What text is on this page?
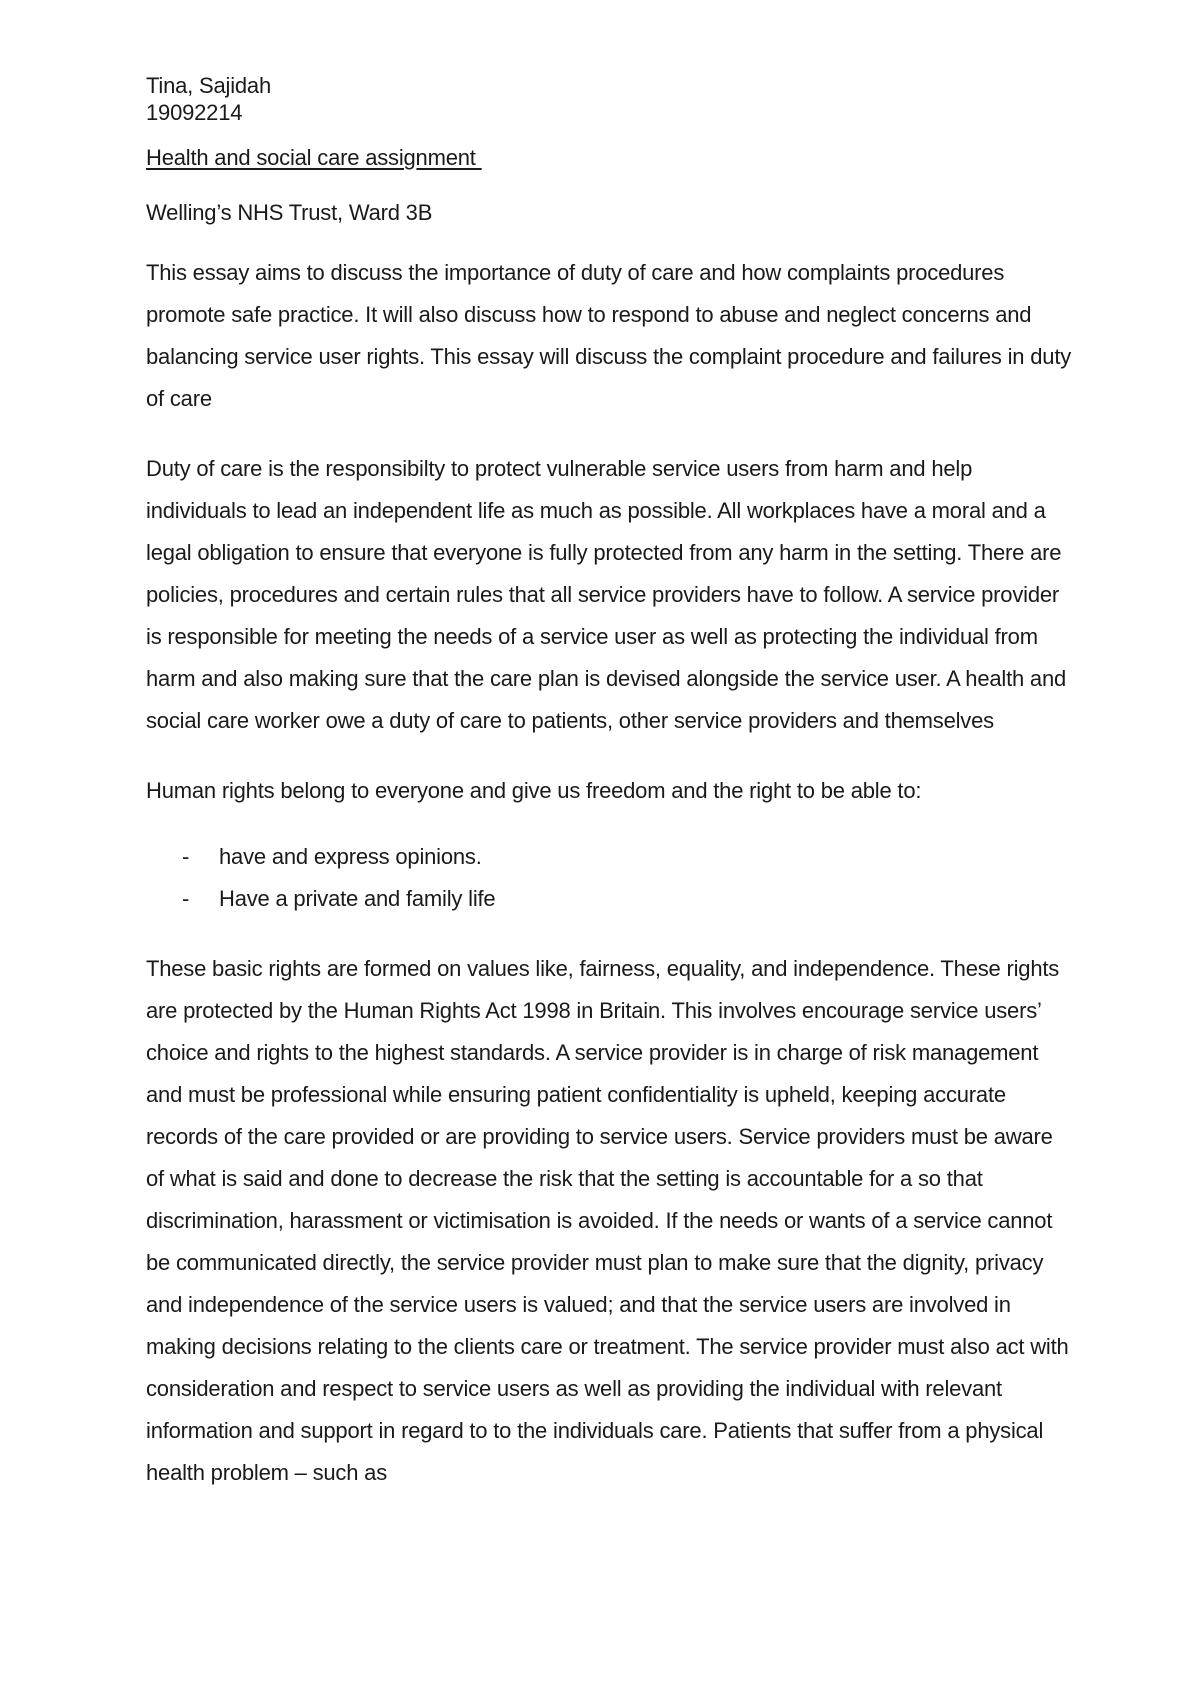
Tina, Sajidah

19092214

Health and social care assignment

Welling’s NHS Trust, Ward 3B

This essay aims to discuss the importance of duty of care and how complaints procedures promote safe practice. It will also discuss how to respond to abuse and neglect concerns and balancing service user rights. This essay will discuss the complaint procedure and failures in duty of care

Duty of care is the responsibilty to protect vulnerable service users from harm and help individuals to lead an independent life as much as possible. All workplaces have a moral and a legal obligation to ensure that everyone is fully protected from any harm in the setting. There are policies, procedures and certain rules that all service providers have to follow. A service provider is responsible for meeting the needs of a service user as well as protecting the individual from harm and also making sure that the care plan is devised alongside the service user. A health and social care worker owe a duty of care to patients, other service providers and themselves

Human rights belong to everyone and give us freedom and the right to be able to:

- have and express opinions.
- Have a private and family life

These basic rights are formed on values like, fairness, equality, and independence. These rights are protected by the Human Rights Act 1998 in Britain. This involves encourage service users’ choice and rights to the highest standards. A service provider is in charge of risk management and must be professional while ensuring patient confidentiality is upheld, keeping accurate records of the care provided or are providing to service users. Service providers must be aware of what is said and done to decrease the risk that the setting is accountable for a so that discrimination, harassment or victimisation is avoided. If the needs or wants of a service cannot be communicated directly, the service provider must plan to make sure that the dignity, privacy and independence of the service users is valued; and that the service users are involved in making decisions relating to the clients care or treatment. The service provider must also act with consideration and respect to service users as well as providing the individual with relevant information and support in regard to to the individuals care. Patients that suffer from a physical health problem – such as
